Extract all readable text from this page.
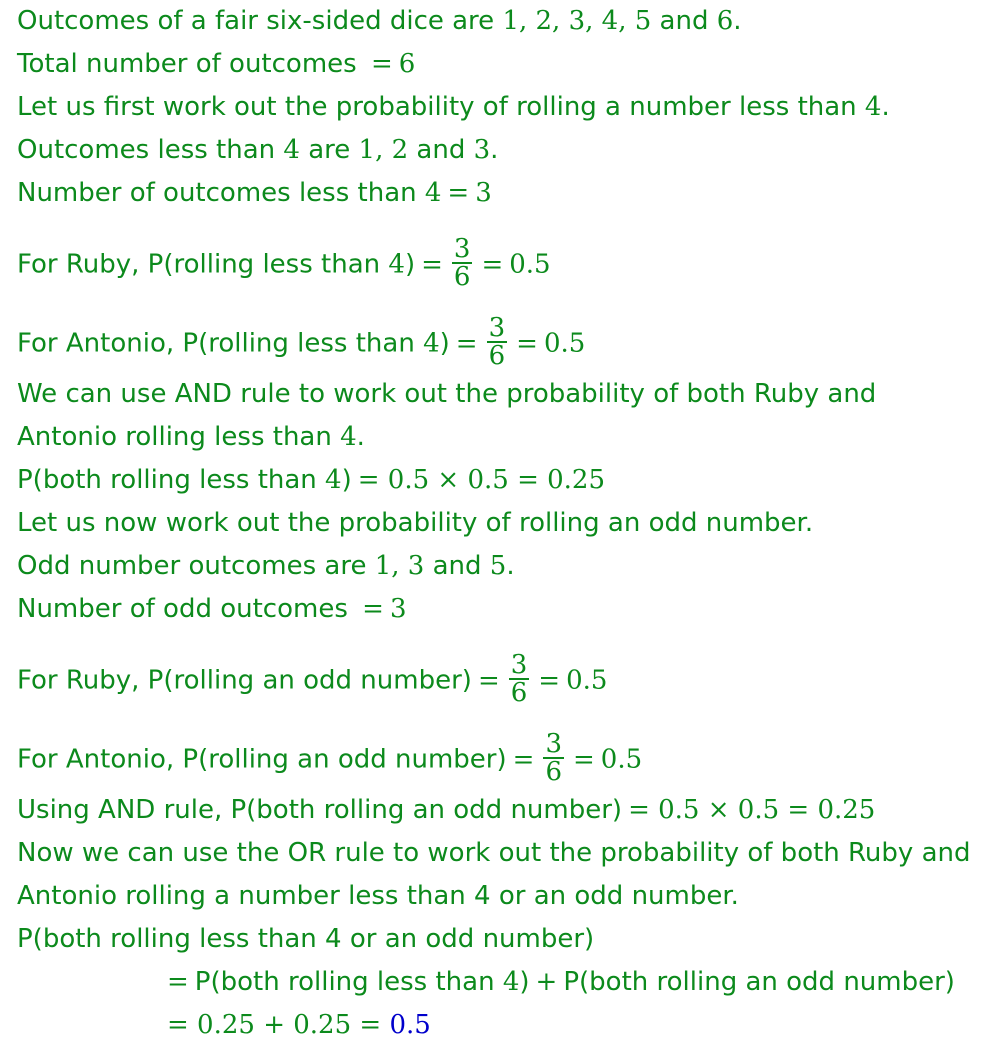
Outcomes of a fair six-sided dice are 1, 2, 3, 4, 5 and 6.
Total number of outcomes = 6
Let us first work out the probability of rolling a number less than 4.
Outcomes less than 4 are 1, 2 and 3.
Number of outcomes less than 4 = 3
For Ruby, P(rolling less than $4) = \frac{3}{6} = 0.5$
For Antonio, P(rolling less than $4) = \frac{3}{6} = 0.5$
We can use AND rule to work out the probability of both Ruby and
Antonio rolling less than 4.
P(both rolling less than 4) = 0.5 × 0.5 = 0.25
Let us now work out the probability of rolling an odd number.
Odd number outcomes are 1, 3 and 5.
Number of odd outcomes = 3
For Ruby, P(rolling an odd number) = $\frac{3}{6} = 0.5$
For Antonio, P(rolling an odd number) = $\frac{3}{6} = 0.5$
Using AND rule, P(both rolling an odd number) = 0.5 × 0.5 = 0.25
Now we can use the OR rule to work out the probability of both Ruby and
Antonio rolling a number less than 4 or an odd number.
P(both rolling less than 4 or an odd number)
= P(both rolling less than 4) + P(both rolling an odd number)
= 0.25 + 0.25 = 0.5
